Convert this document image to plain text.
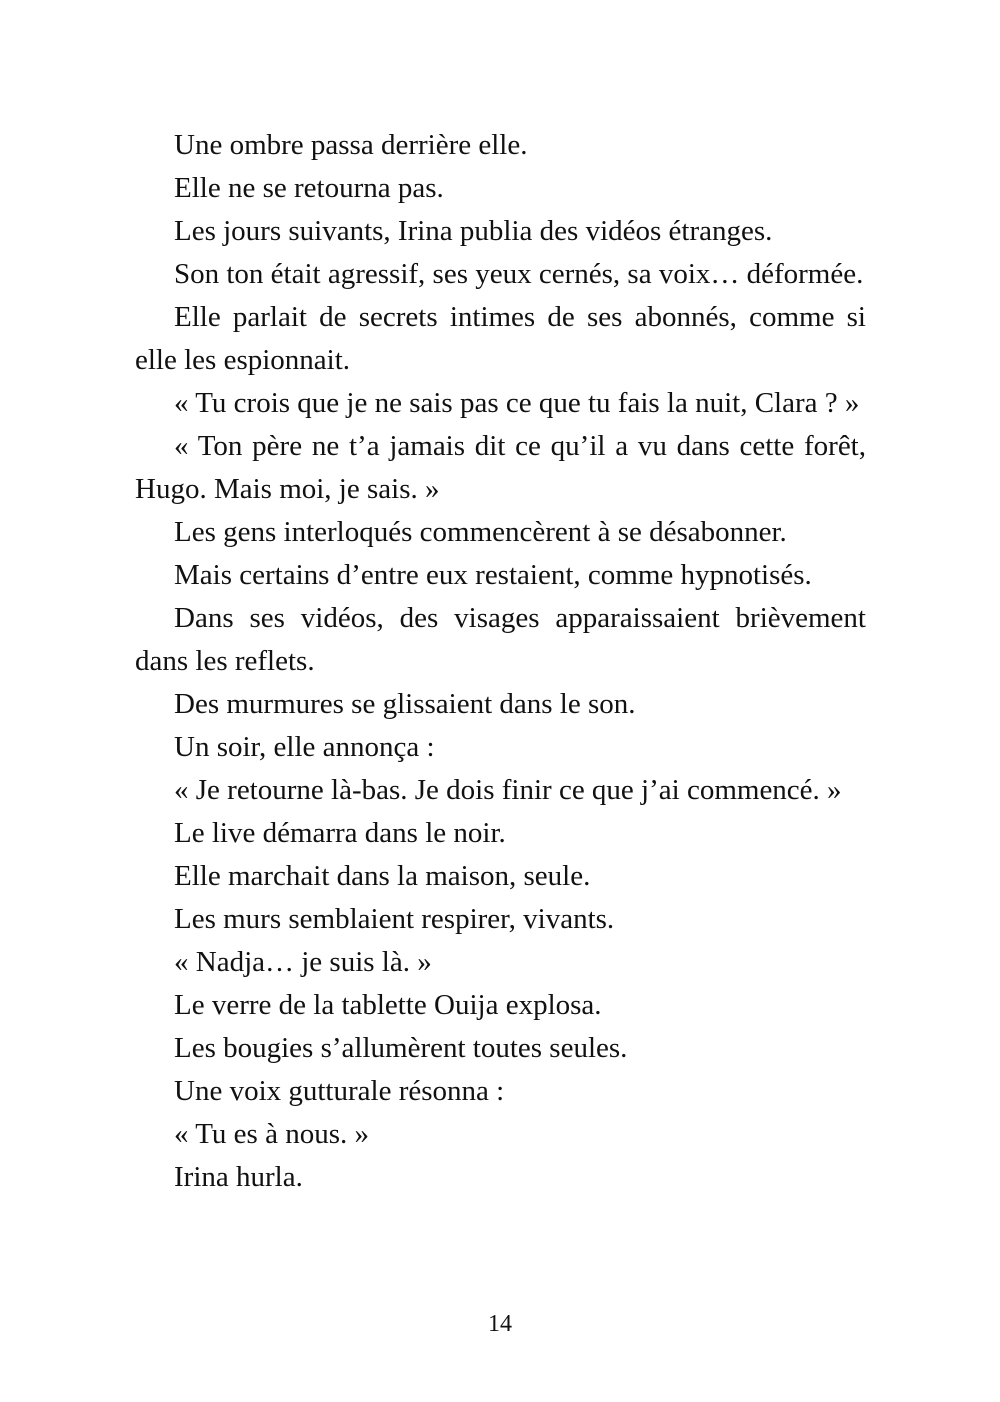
Une ombre passa derrière elle.

Elle ne se retourna pas.

Les jours suivants, Irina publia des vidéos étranges.

Son ton était agressif, ses yeux cernés, sa voix… déformée.

Elle parlait de secrets intimes de ses abonnés, comme si elle les espionnait.

« Tu crois que je ne sais pas ce que tu fais la nuit, Clara ? »

« Ton père ne t’a jamais dit ce qu’il a vu dans cette forêt, Hugo. Mais moi, je sais. »

Les gens interloqués commencèrent à se désabonner.

Mais certains d’entre eux restaient, comme hypnotisés.

Dans ses vidéos, des visages apparaissaient brièvement dans les reflets.

Des murmures se glissaient dans le son.

Un soir, elle annonça :

« Je retourne là-bas. Je dois finir ce que j’ai commencé. »

Le live démarra dans le noir.

Elle marchait dans la maison, seule.

Les murs semblaient respirer, vivants.

« Nadja… je suis là. »

Le verre de la tablette Ouija explosa.

Les bougies s’allumèrent toutes seules.

Une voix gutturale résonna :

« Tu es à nous. »

Irina hurla.

14
